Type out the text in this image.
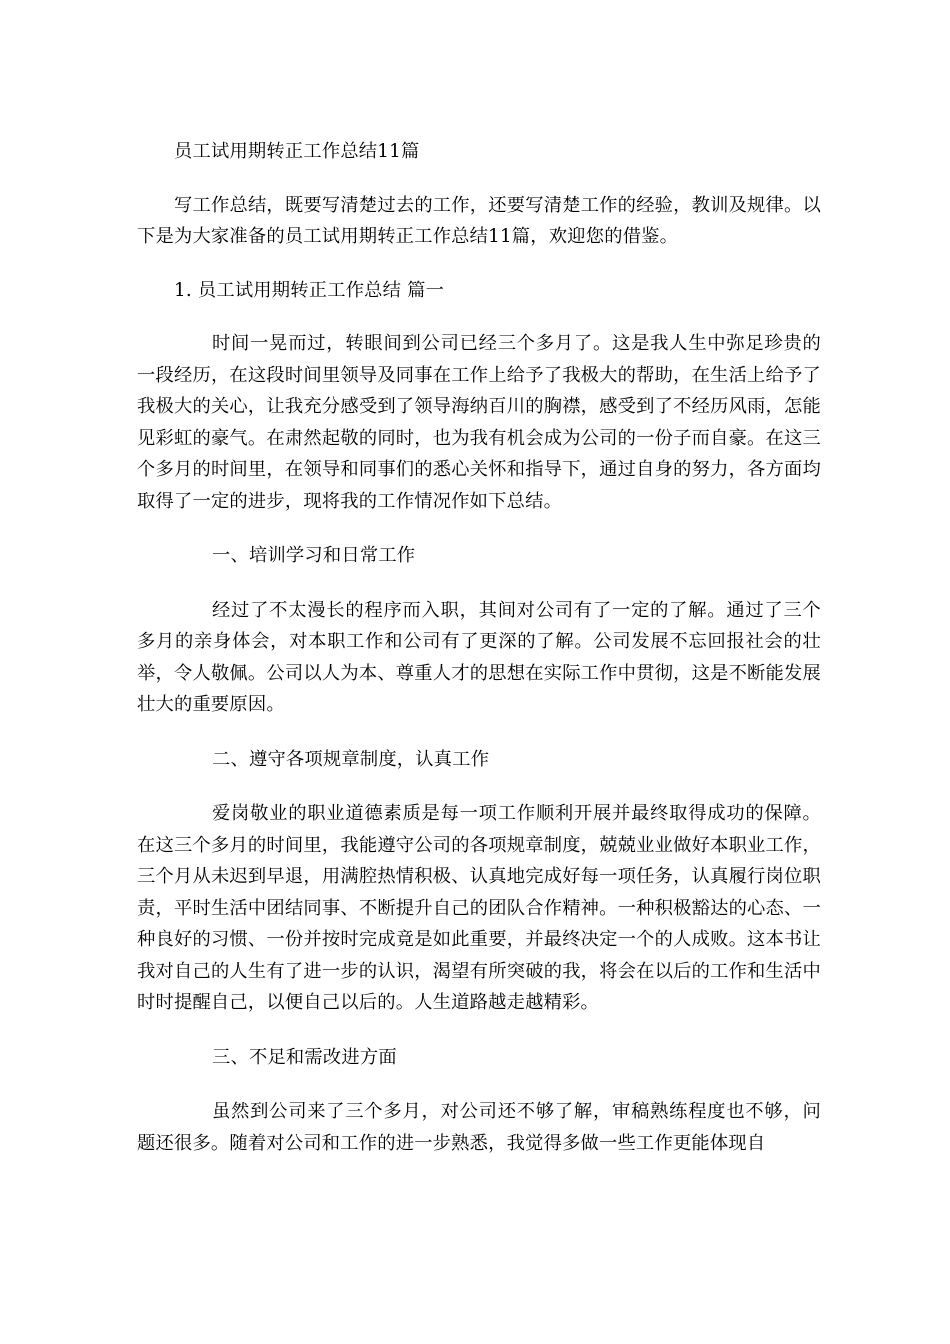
员工试用期转正工作总结11篇

写工作总结，既要写清楚过去的工作，还要写清楚工作的经验，教训及规律。以下是为大家准备的员工试用期转正工作总结11篇，欢迎您的借鉴。

1. 员工试用期转正工作总结 篇一

时间一晃而过，转眼间到公司已经三个多月了。这是我人生中弥足珍贵的一段经历，在这段时间里领导及同事在工作上给予了我极大的帮助，在生活上给予了我极大的关心，让我充分感受到了领导海纳百川的胸襟，感受到了不经历风雨，怎能见彩虹的豪气。在肃然起敬的同时，也为我有机会成为公司的一份子而自豪。在这三个多月的时间里，在领导和同事们的悉心关怀和指导下，通过自身的努力，各方面均取得了一定的进步，现将我的工作情况作如下总结。

一、培训学习和日常工作

经过了不太漫长的程序而入职，其间对公司有了一定的了解。通过了三个多月的亲身体会，对本职工作和公司有了更深的了解。公司发展不忘回报社会的壮举，令人敬佩。公司以人为本、尊重人才的思想在实际工作中贯彻，这是不断能发展壮大的重要原因。

二、遵守各项规章制度，认真工作

爱岗敬业的职业道德素质是每一项工作顺利开展并最终取得成功的保障。在这三个多月的时间里，我能遵守公司的各项规章制度，兢兢业业做好本职业工作，三个月从未迟到早退，用满腔热情积极、认真地完成好每一项任务，认真履行岗位职责，平时生活中团结同事、不断提升自己的团队合作精神。一种积极豁达的心态、一种良好的习惯、一份并按时完成竟是如此重要，并最终决定一个的人成败。这本书让我对自己的人生有了进一步的认识，渴望有所突破的我，将会在以后的工作和生活中时时提醒自己，以便自己以后的。人生道路越走越精彩。

三、不足和需改进方面

虽然到公司来了三个多月，对公司还不够了解，审稿熟练程度也不够，问题还很多。随着对公司和工作的进一步熟悉，我觉得多做一些工作更能体现自
